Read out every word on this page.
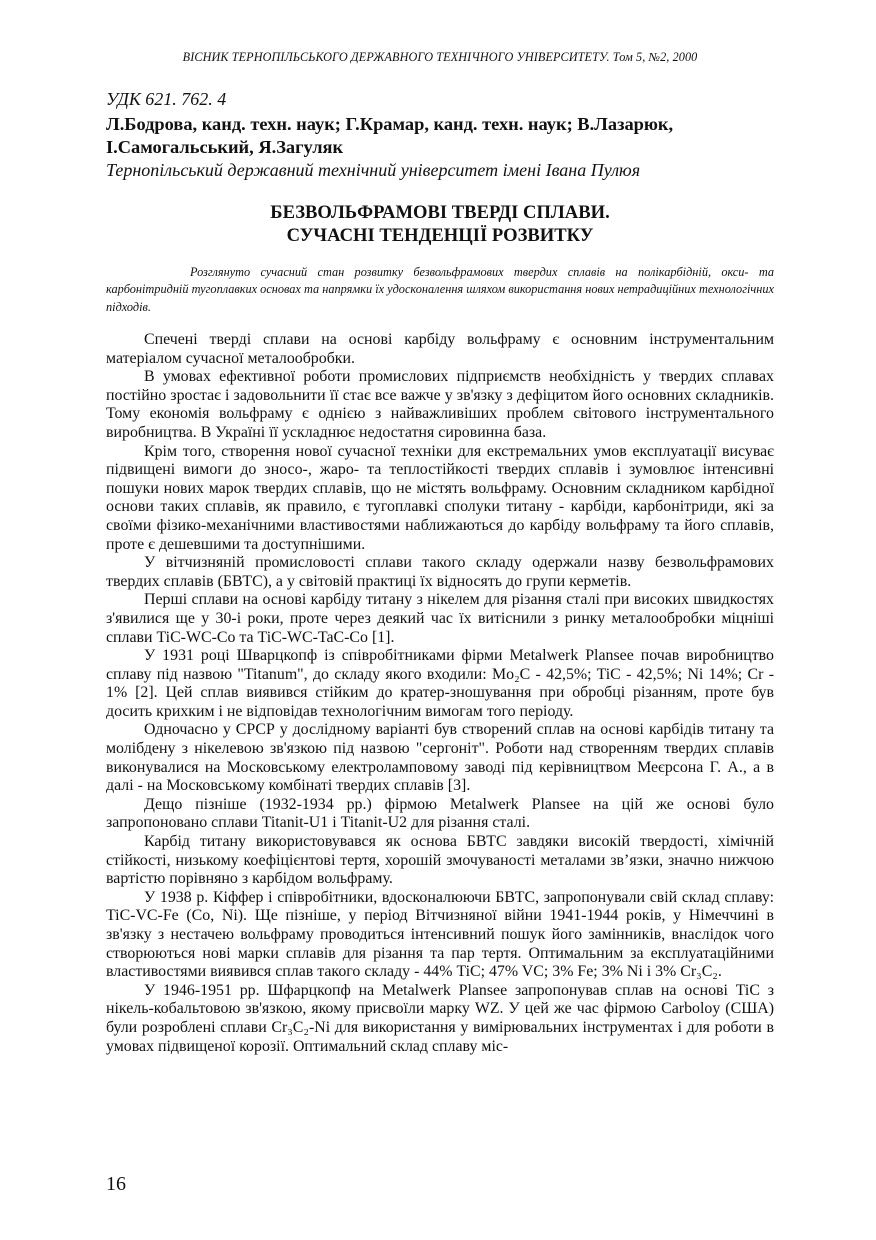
ВІСНИК ТЕРНОПІЛЬСЬКОГО ДЕРЖАВНОГО ТЕХНІЧНОГО УНІВЕРСИТЕТУ. Том 5, №2, 2000
УДК 621. 762. 4
Л.Бодрова, канд. техн. наук; Г.Крамар, канд. техн. наук; В.Лазарюк, І.Самогальський, Я.Загуляк
Тернопільський державний технічний університет імені Івана Пулюя
БЕЗВОЛЬФРАМОВІ ТВЕРДІ СПЛАВИ.
СУЧАСНІ ТЕНДЕНЦІЇ РОЗВИТКУ
Розглянуто сучасний стан розвитку безвольфрамових твердих сплавів на полікарбідній, окси- та карбонітридній тугоплавких основах та напрямки їх удосконалення шляхом використання нових нетрадиційних технологічних підходів.

Спечені тверді сплави на основі карбіду вольфраму є основним інструментальним матеріалом сучасної металообробки.

В умовах ефективної роботи промислових підприємств необхідність у твердих сплавах постійно зростає і задовольнити її стає все важче у зв'язку з дефіцитом його основних складників. Тому економія вольфраму є однією з найважливіших проблем світового інструментального виробництва. В Україні її ускладнює недостатня сировинна база.

Крім того, створення нової сучасної техніки для екстремальних умов експлуатації висуває підвищені вимоги до зносо-, жаро- та теплостійкості твердих сплавів і зумовлює інтенсивні пошуки нових марок твердих сплавів, що не містять вольфраму. Основним складником карбідної основи таких сплавів, як правило, є тугоплавкі сполуки титану - карбіди, карбонітриди, які за своїми фізико-механічними властивостями наближаються до карбіду вольфраму та його сплавів, проте є дешевшими та доступнішими.

У вітчизняній промисловості сплави такого складу одержали назву безвольфрамових твердих сплавів (БВТС), а у світовій практиці їх відносять до групи керметів.

Перші сплави на основі карбіду титану з нікелем для різання сталі при високих швидкостях з'явилися ще у 30-і роки, проте через деякий час їх витіснили з ринку металообробки міцніші сплави TiC-WC-Co та TiC-WC-TaC-Co [1].

У 1931 році Шварцкопф із співробітниками фірми Metalwerk Plansee почав виробництво сплаву під назвою "Titanum", до складу якого входили: Mo₂C - 42,5%; TiC - 42,5%; Ni 14%; Cr - 1% [2]. Цей сплав виявився стійким до кратер-зношування при обробці різанням, проте був досить крихким і не відповідав технологічним вимогам того періоду.

Одночасно у СРСР у дослідному варіанті був створений сплав на основі карбідів титану та молібдену з нікелевою зв'язкою під назвою "сергоніт". Роботи над створенням твердих сплавів виконувалися на Московському електроламповому заводі під керівництвом Меєрсона Г. А., а в далі - на Московському комбінаті твердих сплавів [3].

Дещо пізніше (1932-1934 рр.) фірмою Metalwerk Plansee на цій же основі було запропоновано сплави Titanit-U1 і Titanit-U2 для різання сталі.

Карбід титану використовувався як основа БВТС завдяки високій твердості, хімічній стійкості, низькому коефіцієнтові тертя, хорошій змочуваності металами зв’язки, значно нижчою вартістю порівняно з карбідом вольфраму.

У 1938 р. Кіффер і співробітники, вдосконалюючи БВТС, запропонували свій склад сплаву: TiC-VC-Fe (Co, Ni). Ще пізніше, у період Вітчизняної війни 1941-1944 років, у Німеччині в зв'язку з нестачею вольфраму проводиться інтенсивний пошук його замінників, внаслідок чого створюються нові марки сплавів для різання та пар тертя. Оптимальним за експлуатаційними властивостями виявився сплав такого складу - 44% TiC; 47% VC; 3% Fe; 3% Ni і 3% Cr₃C₂.

У 1946-1951 рр. Шфарцкопф на Metalwerk Plansee запропонував сплав на основі TiC з нікель-кобальтовою зв'язкою, якому присвоїли марку WZ. У цей же час фірмою Carboloy (США) були розроблені сплави Cr₃C₂-Ni для використання у вимірювальних інструментах і для роботи в умовах підвищеної корозії. Оптимальний склад сплаву міс-

16
